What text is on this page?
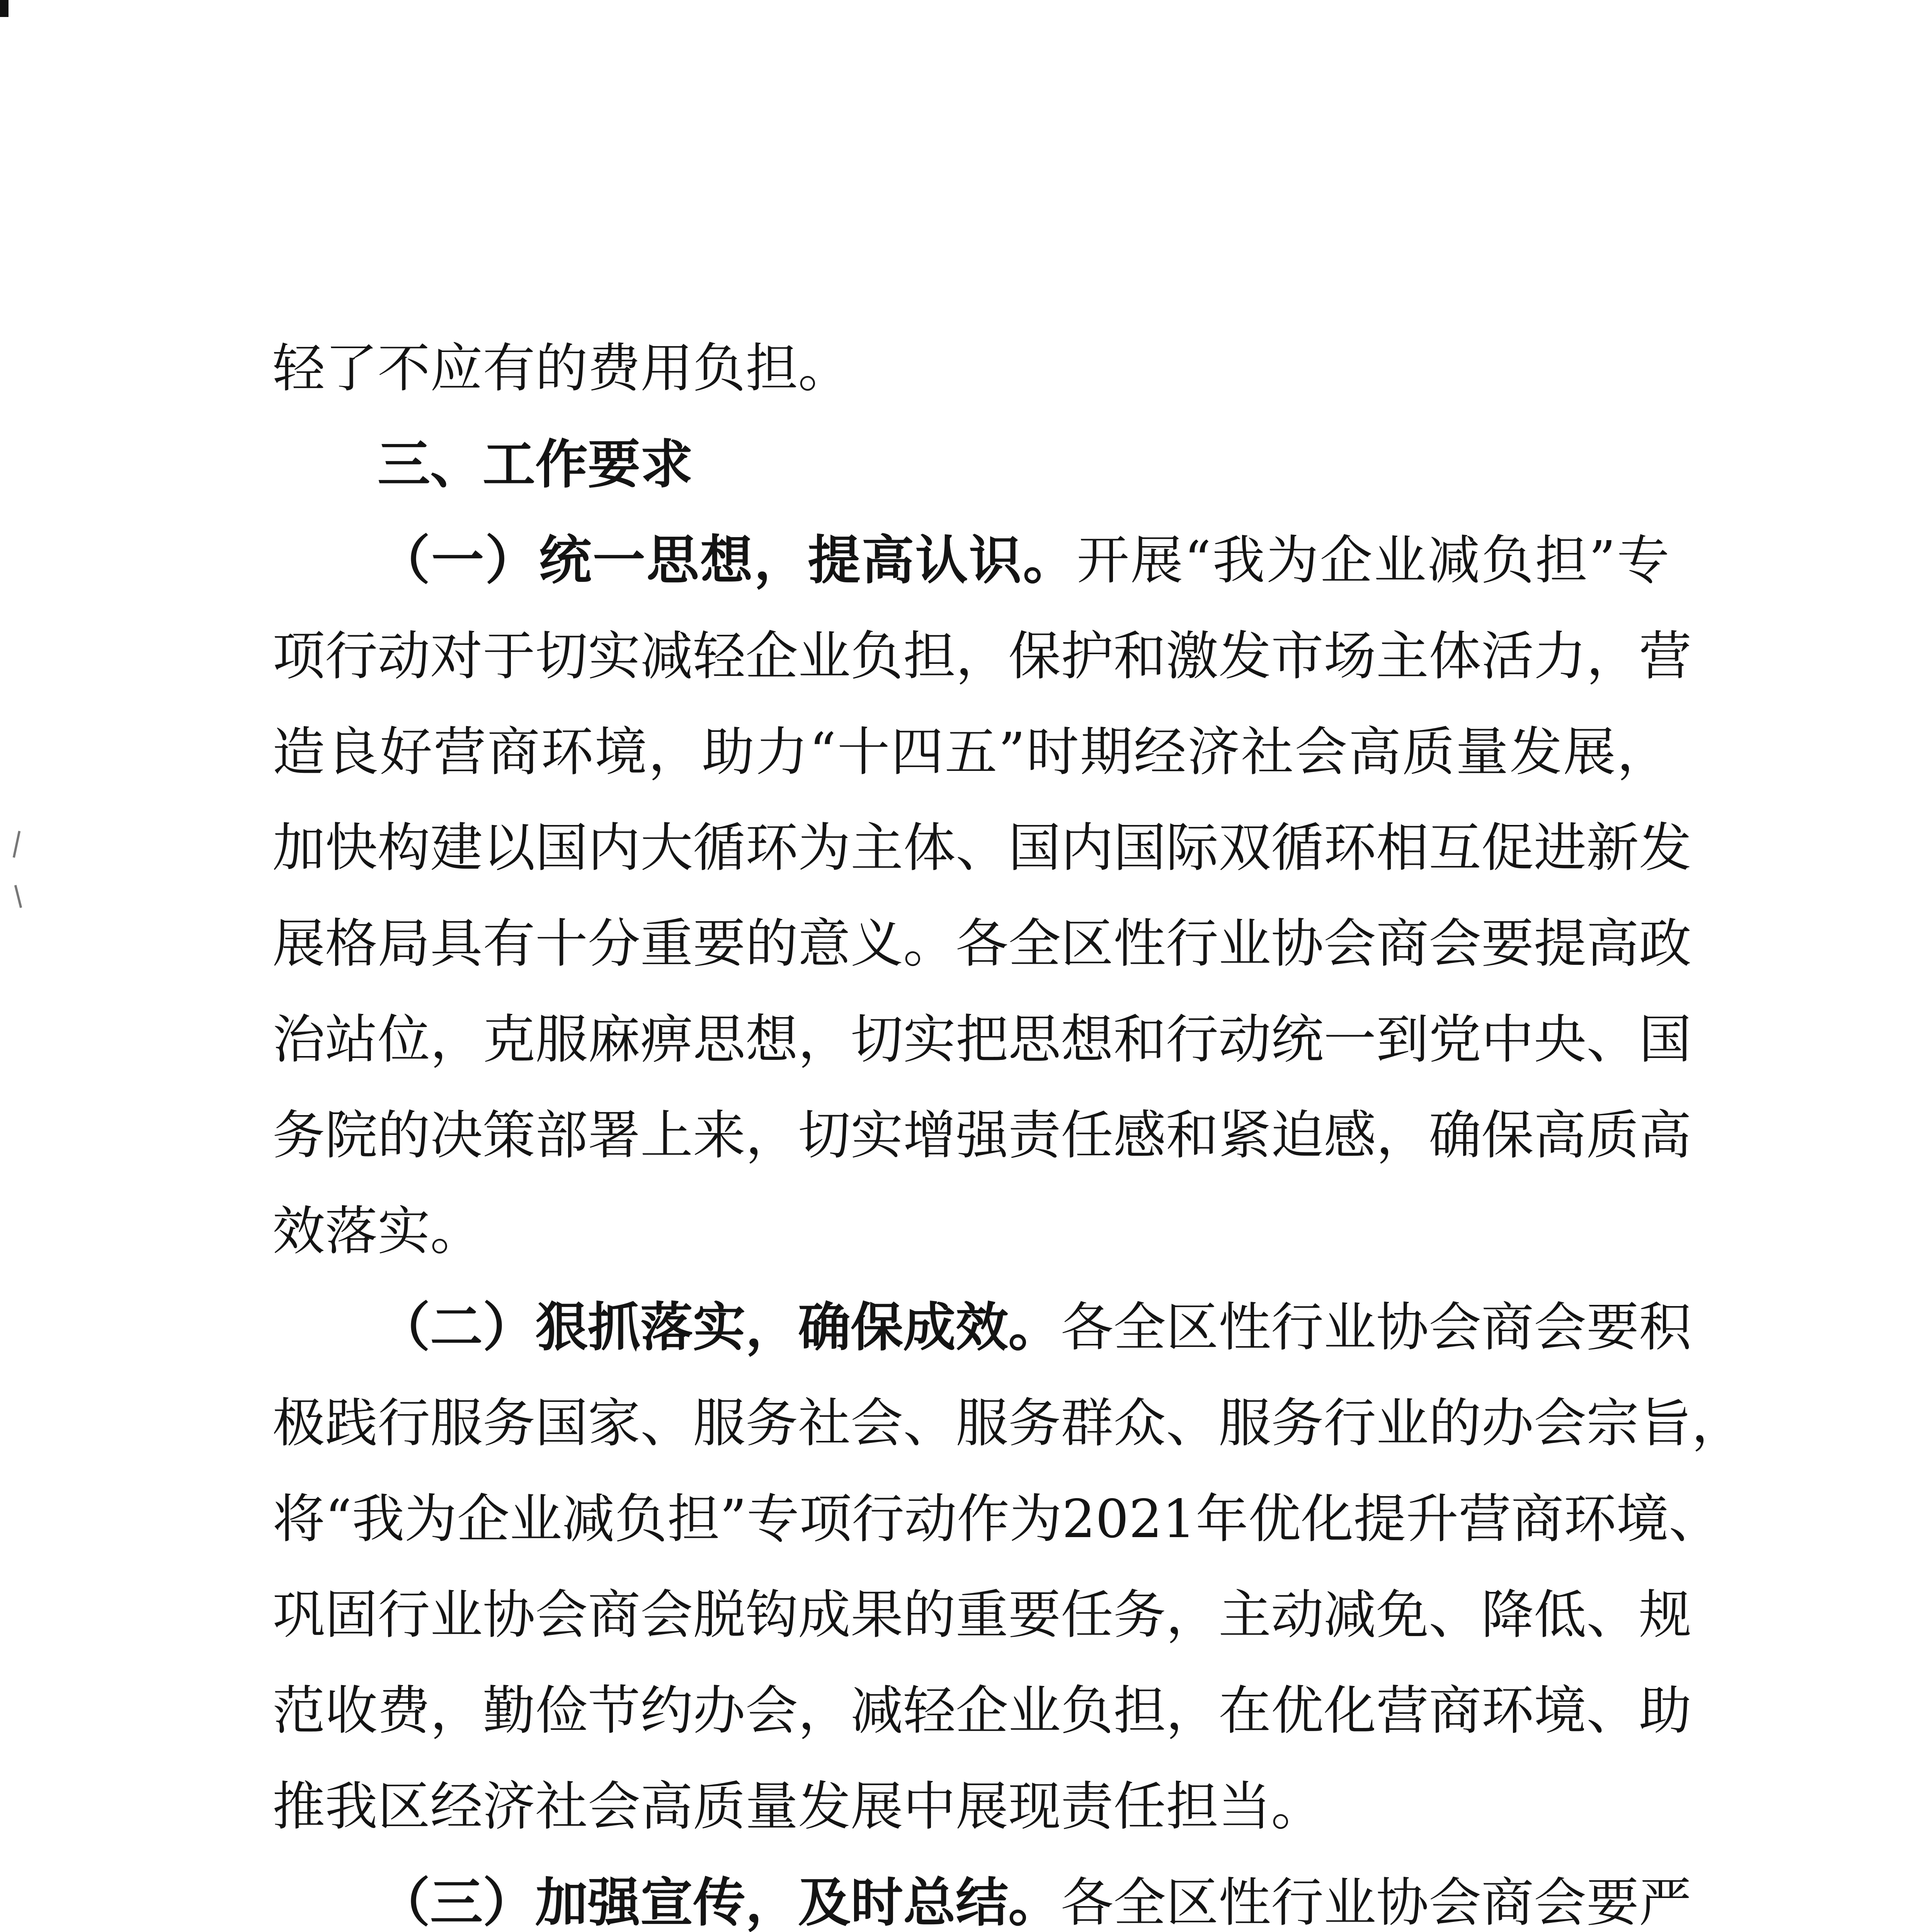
轻了不应有的费用负担。

三、工作要求

（一）统一思想，提高认识。开展“我为企业减负担”专

项行动对于切实减轻企业负担，保护和激发市场主体活力，营

造良好营商环境，助力“十四五”时期经济社会高质量发展，

加快构建以国内大循环为主体、国内国际双循环相互促进新发

展格局具有十分重要的意义。各全区性行业协会商会要提高政

治站位，克服麻痹思想，切实把思想和行动统一到党中央、国

务院的决策部署上来，切实增强责任感和紧迫感，确保高质高

效落实。

（二）狠抓落实，确保成效。各全区性行业协会商会要积

极践行服务国家、服务社会、服务群众、服务行业的办会宗旨，

将“我为企业减负担”专项行动作为2021年优化提升营商环境、

巩固行业协会商会脱钩成果的重要任务，主动减免、降低、规

范收费，勤俭节约办会，减轻企业负担，在优化营商环境、助

推我区经济社会高质量发展中展现责任担当。

（三）加强宣传，及时总结。各全区性行业协会商会要严
